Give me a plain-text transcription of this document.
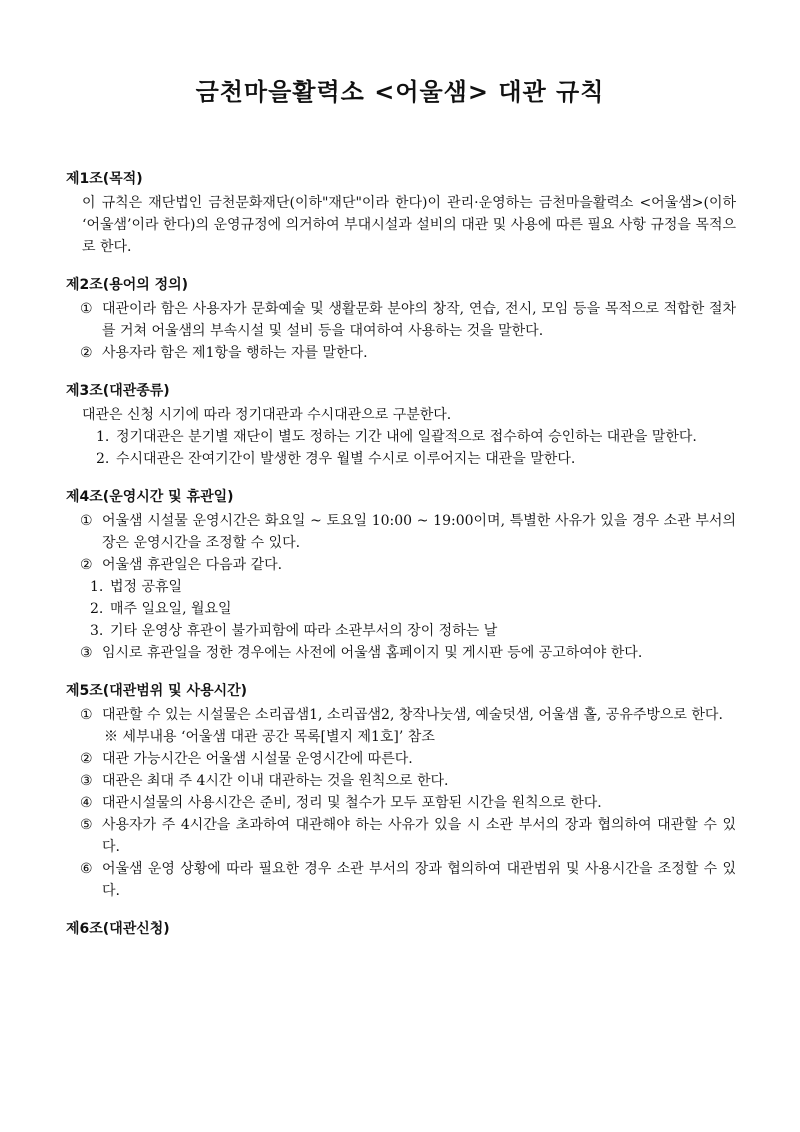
금천마을활력소 <어울샘> 대관 규칙
제1조(목적)
이 규칙은 재단법인 금천문화재단(이하"재단"이라 한다)이 관리·운영하는 금천마을활력소 <어울샘>(이하 ‘어울샘’이라 한다)의 운영규정에 의거하여 부대시설과 설비의 대관 및 사용에 따른 필요 사항 규정을 목적으로 한다.
제2조(용어의 정의)
① 대관이라 함은 사용자가 문화예술 및 생활문화 분야의 창작, 연습, 전시, 모임 등을 목적으로 적합한 절차를 거쳐 어울샘의 부속시설 및 설비 등을 대여하여 사용하는 것을 말한다.
② 사용자라 함은 제1항을 행하는 자를 말한다.
제3조(대관종류)
대관은 신청 시기에 따라 정기대관과 수시대관으로 구분한다.
1. 정기대관은 분기별 재단이 별도 정하는 기간 내에 일괄적으로 접수하여 승인하는 대관을 말한다.
2. 수시대관은 잔여기간이 발생한 경우 월별 수시로 이루어지는 대관을 말한다.
제4조(운영시간 및 휴관일)
① 어울샘 시설물 운영시간은 화요일 ~ 토요일 10:00 ~ 19:00이며, 특별한 사유가 있을 경우 소관 부서의 장은 운영시간을 조정할 수 있다.
② 어울샘 휴관일은 다음과 같다.
1. 법정 공휴일
2. 매주 일요일, 월요일
3. 기타 운영상 휴관이 불가피함에 따라 소관부서의 장이 정하는 날
③ 임시로 휴관일을 정한 경우에는 사전에 어울샘 홈페이지 및 게시판 등에 공고하여야 한다.
제5조(대관범위 및 사용시간)
① 대관할 수 있는 시설물은 소리곱샘1, 소리곱샘2, 창작나눗샘, 예술덧샘, 어울샘 홀, 공유주방으로 한다.
※ 세부내용 ‘어울샘 대관 공간 목록[별지 제1호]’ 참조
② 대관 가능시간은 어울샘 시설물 운영시간에 따른다.
③ 대관은 최대 주 4시간 이내 대관하는 것을 원칙으로 한다.
④ 대관시설물의 사용시간은 준비, 정리 및 철수가 모두 포함된 시간을 원칙으로 한다.
⑤ 사용자가 주 4시간을 초과하여 대관해야 하는 사유가 있을 시 소관 부서의 장과 협의하여 대관할 수 있다.
⑥ 어울샘 운영 상황에 따라 필요한 경우 소관 부서의 장과 협의하여 대관범위 및 사용시간을 조정할 수 있다.
제6조(대관신청)
